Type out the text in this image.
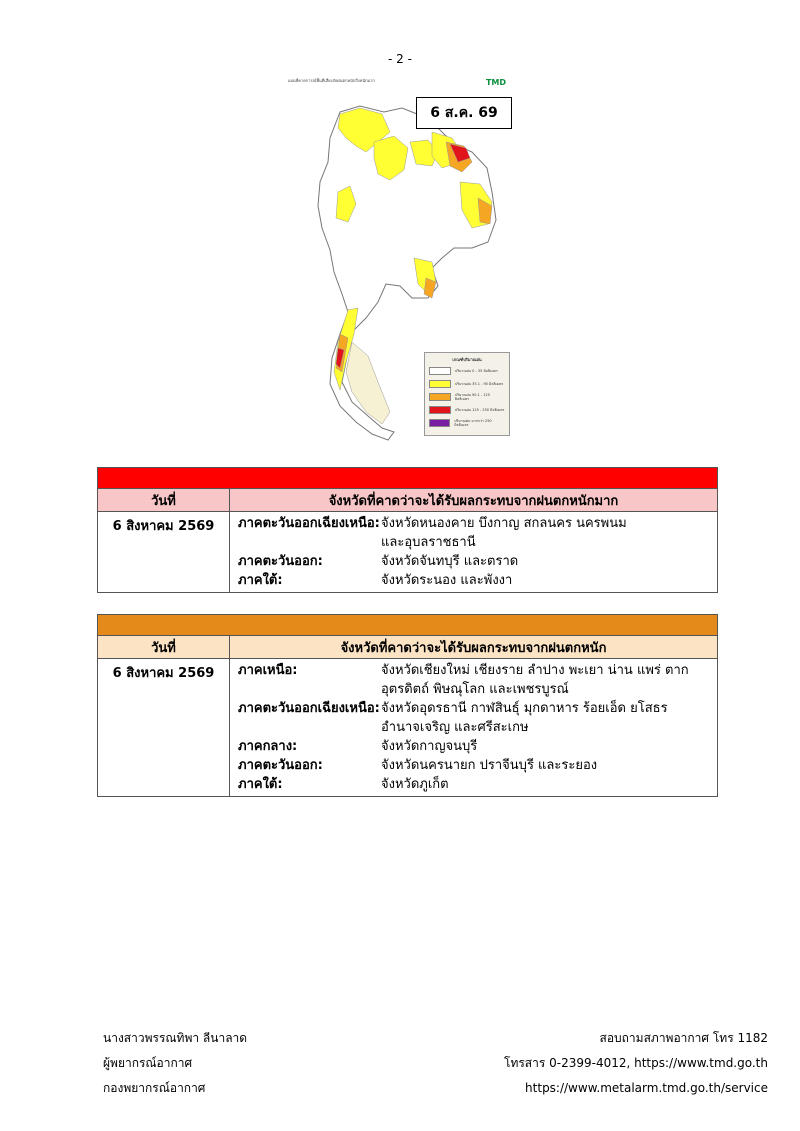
- 2 -
แผนที่คาดการณ์พื้นที่เสี่ยงภัยฝนตกหนักถึงหนักมาก	TMD
6 ส.ค. 69
เกณฑ์ปริมาณฝน
ปริมาณฝน 0 - 35 มิลลิเมตร
ปริมาณฝน 35.1 - 90 มิลลิเมตร
ปริมาณฝน 90.1 - 125 มิลลิเมตร
ปริมาณฝน 125 - 250 มิลลิเมตร
ปริมาณฝน มากกว่า 250 มิลลิเมตร
วันที่	จังหวัดที่คาดว่าจะได้รับผลกระทบจากฝนตกหนักมาก
6 สิงหาคม 2569	ภาคตะวันออกเฉียงเหนือ: จังหวัดหนองคาย บึงกาญ สกลนคร นครพนม
และอุบลราชธานี
ภาคตะวันออก:	จังหวัดจันทบุรี และตราด
ภาคใต้:	จังหวัดระนอง และพังงา
วันที่	จังหวัดที่คาดว่าจะได้รับผลกระทบจากฝนตกหนัก
6 สิงหาคม 2569	ภาคเหนือ:	จังหวัดเชียงใหม่ เชียงราย ลำปาง พะเยา น่าน แพร่ ตาก
อุตรดิตถ์ พิษณุโลก และเพชรบูรณ์
ภาคตะวันออกเฉียงเหนือ: จังหวัดอุดรธานี กาฬสินธุ์ มุกดาหาร ร้อยเอ็ด ยโสธร
อำนาจเจริญ และศรีสะเกษ
ภาคกลาง:	จังหวัดกาญจนบุรี
ภาคตะวันออก:	จังหวัดนครนายก ปราจีนบุรี และระยอง
ภาคใต้:	จังหวัดภูเก็ต
นางสาวพรรณทิพา ลีนาลาด
ผู้พยากรณ์อากาศ
กองพยากรณ์อากาศ
สอบถามสภาพอากาศ โทร 1182
โทรสาร 0-2399-4012, https://www.tmd.go.th
https://www.metalarm.tmd.go.th/service
